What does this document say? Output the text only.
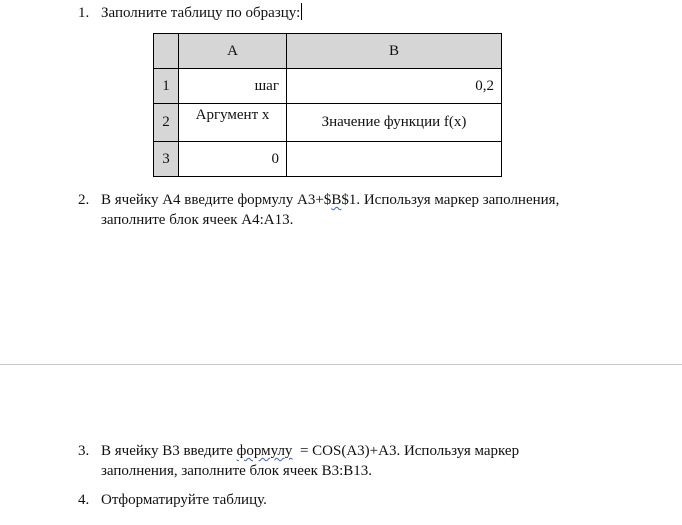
1. Заполните таблицу по образцу:
	A	B
1	шаг	0,2
2	Аргумент х	Значение функции f(x)
3	0	
2. В ячейку А4 введите формулу А3+$В$1. Используя маркер заполнения,
заполните блок ячеек А4:А13.
3. В ячейку В3 введите формулу  = COS(A3)+A3. Используя маркер
заполнения, заполните блок ячеек В3:В13.
4. Отформатируйте таблицу.
